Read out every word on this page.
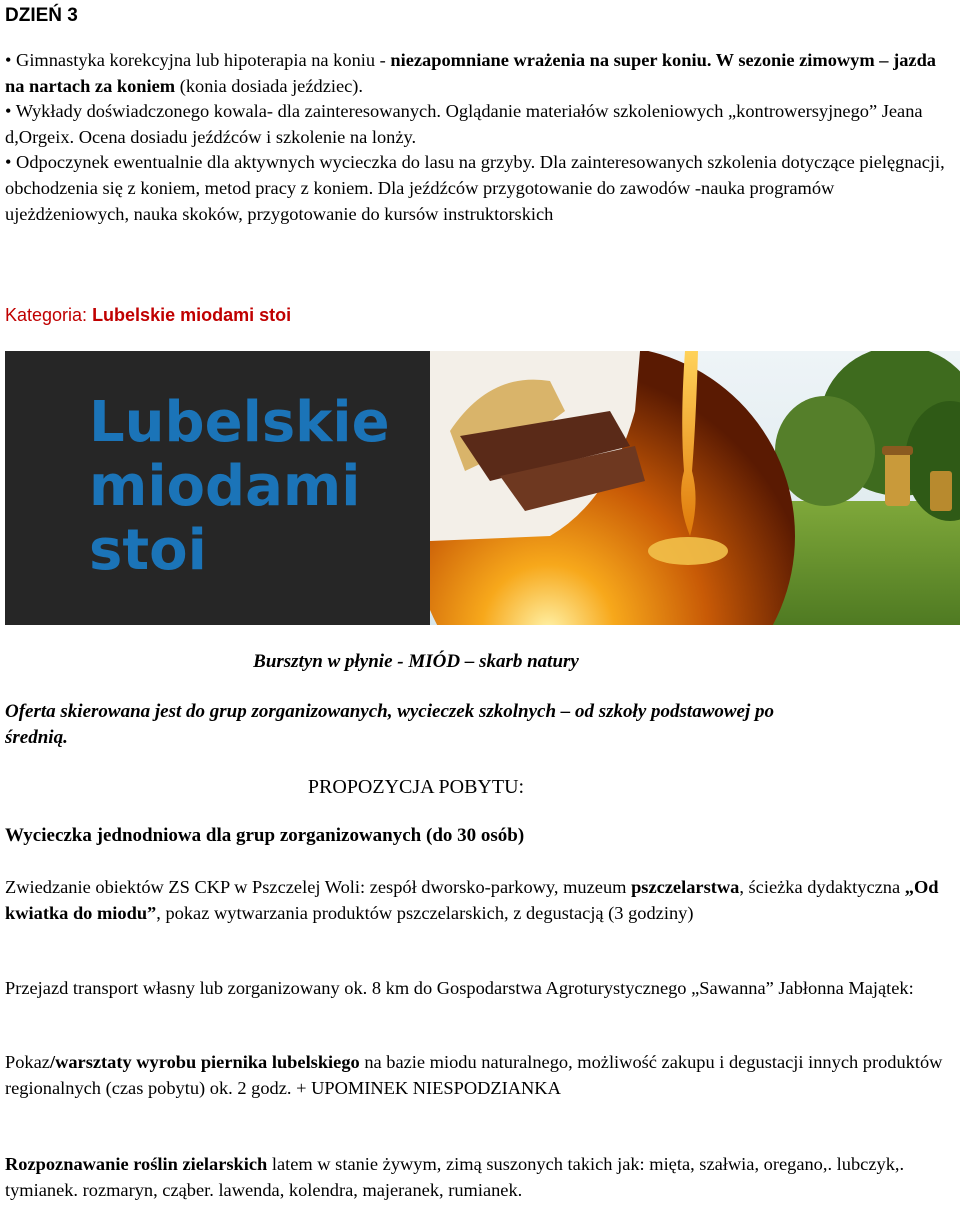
DZIEŃ 3

• Gimnastyka korekcyjna lub hipoterapia na koniu - niezapomniane wrażenia na super koniu. W sezonie zimowym – jazda na nartach za koniem (konia dosiada jeździec).

• Wykłady doświadczonego kowala- dla zainteresowanych. Oglądanie materiałów szkoleniowych „kontrowersyjnego” Jeana d,Orgeix. Ocena dosiadu jeźdźców i szkolenie na lonży.

• Odpoczynek ewentualnie dla aktywnych wycieczka do lasu na grzyby. Dla zainteresowanych szkolenia dotyczące pielęgnacji, obchodzenia się z koniem, metod pracy z koniem. Dla jeźdźców przygotowanie do zawodów -nauka programów ujeżdżeniowych, nauka skoków, przygotowanie do kursów instruktorskich

Kategoria: Lubelskie miodami stoi

Lubelskie
miodami
stoi

Bursztyn w płynie - MIÓD – skarb natury

Oferta skierowana jest do grup zorganizowanych, wycieczek szkolnych – od szkoły podstawowej po średnią.

PROPOZYCJA POBYTU:

Wycieczka jednodniowa dla grup zorganizowanych (do 30 osób)

Zwiedzanie obiektów ZS CKP w Pszczelej Woli: zespół dworsko-parkowy, muzeum pszczelarstwa, ścieżka dydaktyczna „Od kwiatka do miodu”, pokaz wytwarzania produktów pszczelarskich, z degustacją (3 godziny)

Przejazd transport własny lub zorganizowany ok. 8 km do Gospodarstwa Agroturystycznego „Sawanna” Jabłonna Majątek:

Pokaz/warsztaty wyrobu piernika lubelskiego na bazie miodu naturalnego, możliwość zakupu i degustacji innych produktów regionalnych (czas pobytu) ok. 2 godz. + UPOMINEK NIESPODZIANKA

Rozpoznawanie roślin zielarskich latem w stanie żywym, zimą suszonych takich jak: mięta, szałwia, oregano,. lubczyk,. tymianek. rozmaryn, cząber. lawenda, kolendra, majeranek, rumianek.
